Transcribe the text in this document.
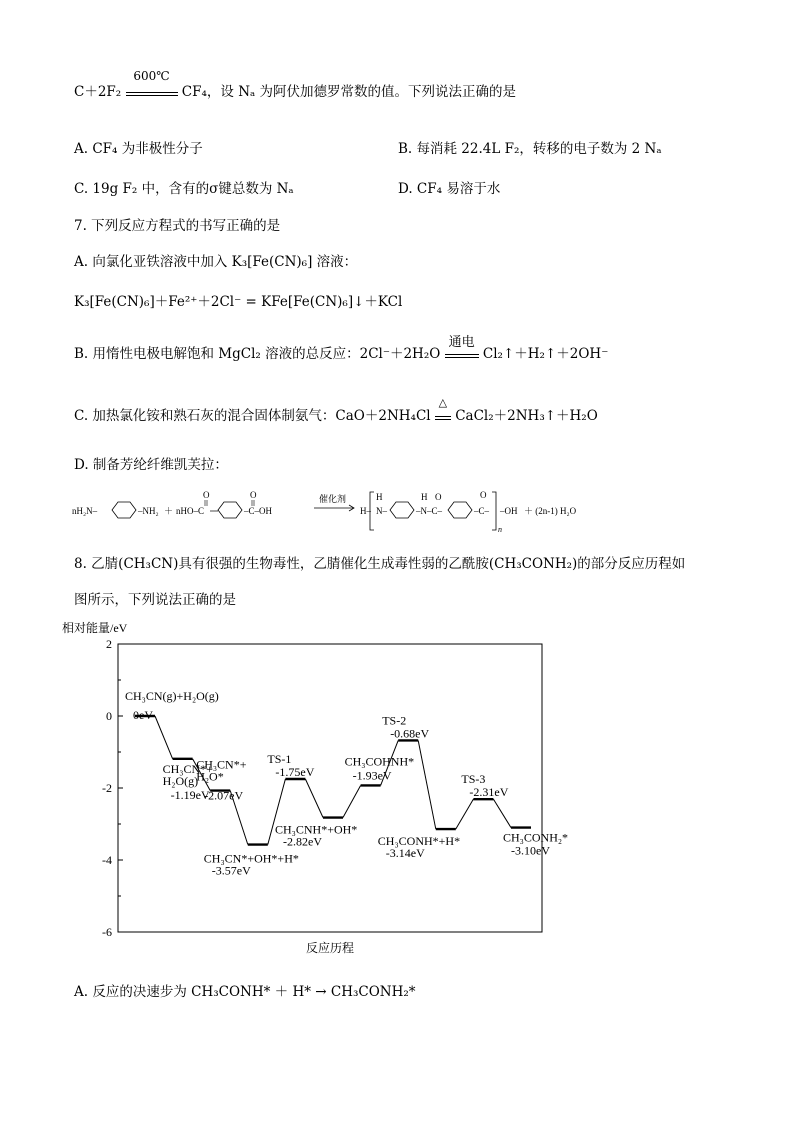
C＋2F₂
600℃
CF₄，设 Nₐ 为阿伏加德罗常数的值。下列说法正确的是
A. CF₄ 为非极性分子	B. 每消耗 22.4L F₂，转移的电子数为 2 Nₐ
C. 19g F₂ 中，含有的σ键总数为 Nₐ	D. CF₄ 易溶于水
7. 下列反应方程式的书写正确的是
A. 向氯化亚铁溶液中加入 K₃[Fe(CN)₆] 溶液：
K₃[Fe(CN)₆]＋Fe²⁺＋2Cl⁻ = KFe[Fe(CN)₆]↓＋KCl
B. 用惰性电极电解饱和 MgCl₂ 溶液的总反应：2Cl⁻＋2H₂O
通电
Cl₂↑＋H₂↑＋2OH⁻
C. 加热氯化铵和熟石灰的混合固体制氨气：CaO＋2NH₄Cl
△
CaCl₂＋2NH₃↑＋H₂O
D. 制备芳纶纤维凯芙拉：
nH₂N–	–NH₂ ＋ nHO–C
O
–C–OH
O	催化剂
H– N–
H
–N–C–
H O
–C–
O
n
–OH ＋ (2n-1) H₂O
8. 乙腈(CH₃CN)具有很强的生物毒性，乙腈催化生成毒性弱的乙酰胺(CH₃CONH₂)的部分反应历程如
图所示，下列说法正确的是
相对能量/eV
2
0
-2
-4
-6
CH₃CN(g)+H₂O(g)
0eV
CH₃CN*+
H₂O(g)
-1.19eV
CH₃CN*+
H₂O*
-2.07eV
CH₃CN*+OH*+H*
-3.57eV
TS-1
-1.75eV
CH₃CNH*+OH*
-2.82eV
CH₃COHNH*
-1.93eV
TS-2
-0.68eV
CH₃CONH*+H*
-3.14eV
TS-3
-2.31eV
CH₃CONH₂*
-3.10eV
反应历程
A. 反应的决速步为 CH₃CONH* ＋ H* → CH₃CONH₂*
